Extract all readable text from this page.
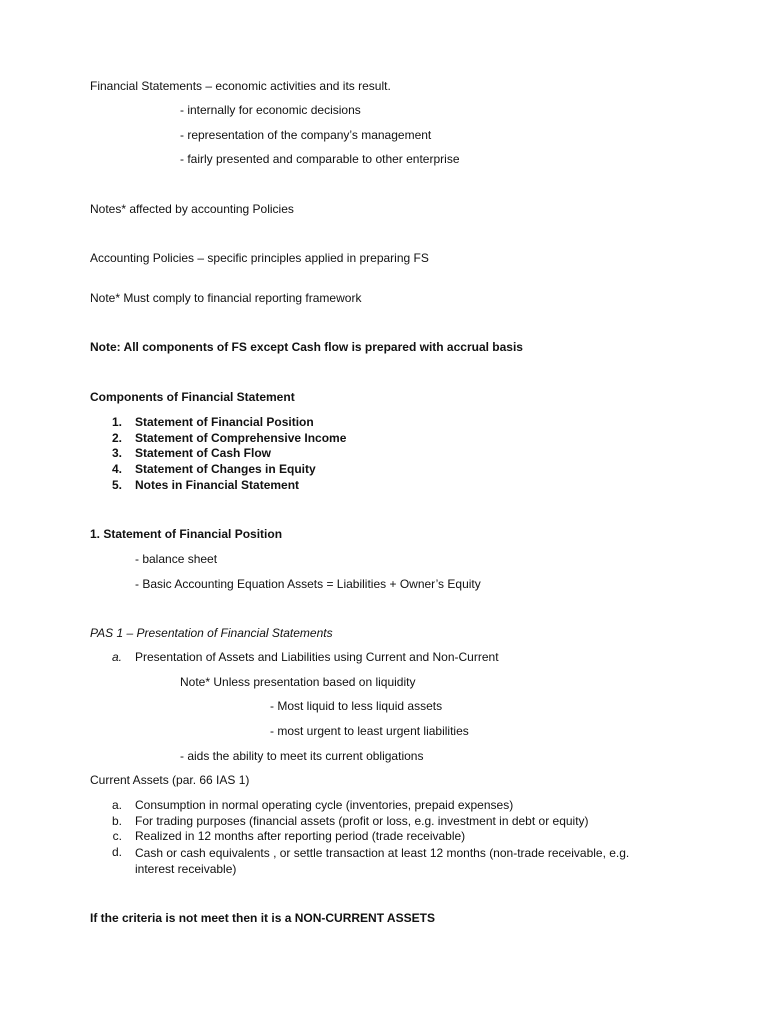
Financial Statements – economic activities and its result.
- internally for economic decisions
- representation of the company’s management
- fairly presented and comparable to other enterprise
Notes* affected by accounting Policies
Accounting Policies – specific principles applied in preparing FS
Note* Must comply to financial reporting framework
Note: All components of FS except Cash flow is prepared with accrual basis
Components of Financial Statement
1. Statement of Financial Position
2. Statement of Comprehensive Income
3. Statement of Cash Flow
4. Statement of Changes in Equity
5. Notes in Financial Statement
1. Statement of Financial Position
- balance sheet
- Basic Accounting Equation Assets = Liabilities + Owner’s Equity
PAS 1 – Presentation of Financial Statements
a. Presentation of Assets and Liabilities using Current and Non-Current
Note* Unless presentation based on liquidity
- Most liquid to less liquid assets
- most urgent to least urgent liabilities
- aids the ability to meet its current obligations
Current Assets (par. 66 IAS 1)
a. Consumption in normal operating cycle (inventories, prepaid expenses)
b. For trading purposes (financial assets (profit or loss, e.g. investment in debt or equity)
c. Realized in 12 months after reporting period (trade receivable)
d. Cash or cash equivalents , or settle transaction at least 12 months (non-trade receivable, e.g. interest receivable)
If the criteria is not meet then it is a NON-CURRENT ASSETS
